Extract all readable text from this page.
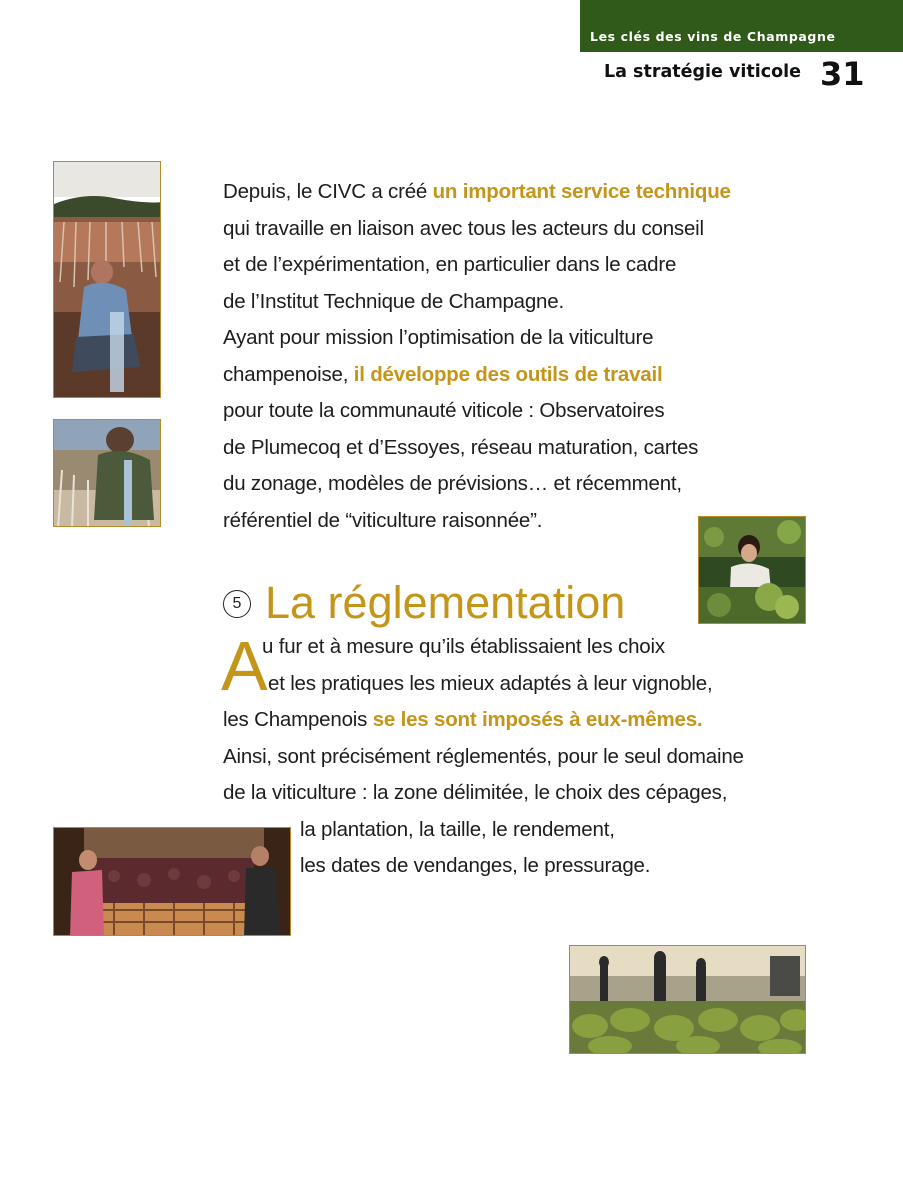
Les clés des vins de Champagne
La stratégie viticole 31
Depuis, le CIVC a créé un important service technique
qui travaille en liaison avec tous les acteurs du conseil
et de l’expérimentation, en particulier dans le cadre
de l’Institut Technique de Champagne.
Ayant pour mission l’optimisation de la viticulture
champenoise, il développe des outils de travail
pour toute la communauté viticole : Observatoires
de Plumecoq et d’Essoyes, réseau maturation, cartes
du zonage, modèles de prévisions… et récemment,
référentiel de “viticulture raisonnée”.
5 La réglementation
A
u fur et à mesure qu’ils établissaient les choix
et les pratiques les mieux adaptés à leur vignoble,
les Champenois se les sont imposés à eux-mêmes.
Ainsi, sont précisément réglementés, pour le seul domaine
de la viticulture : la zone délimitée, le choix des cépages,
la plantation, la taille, le rendement,
les dates de vendanges, le pressurage.
